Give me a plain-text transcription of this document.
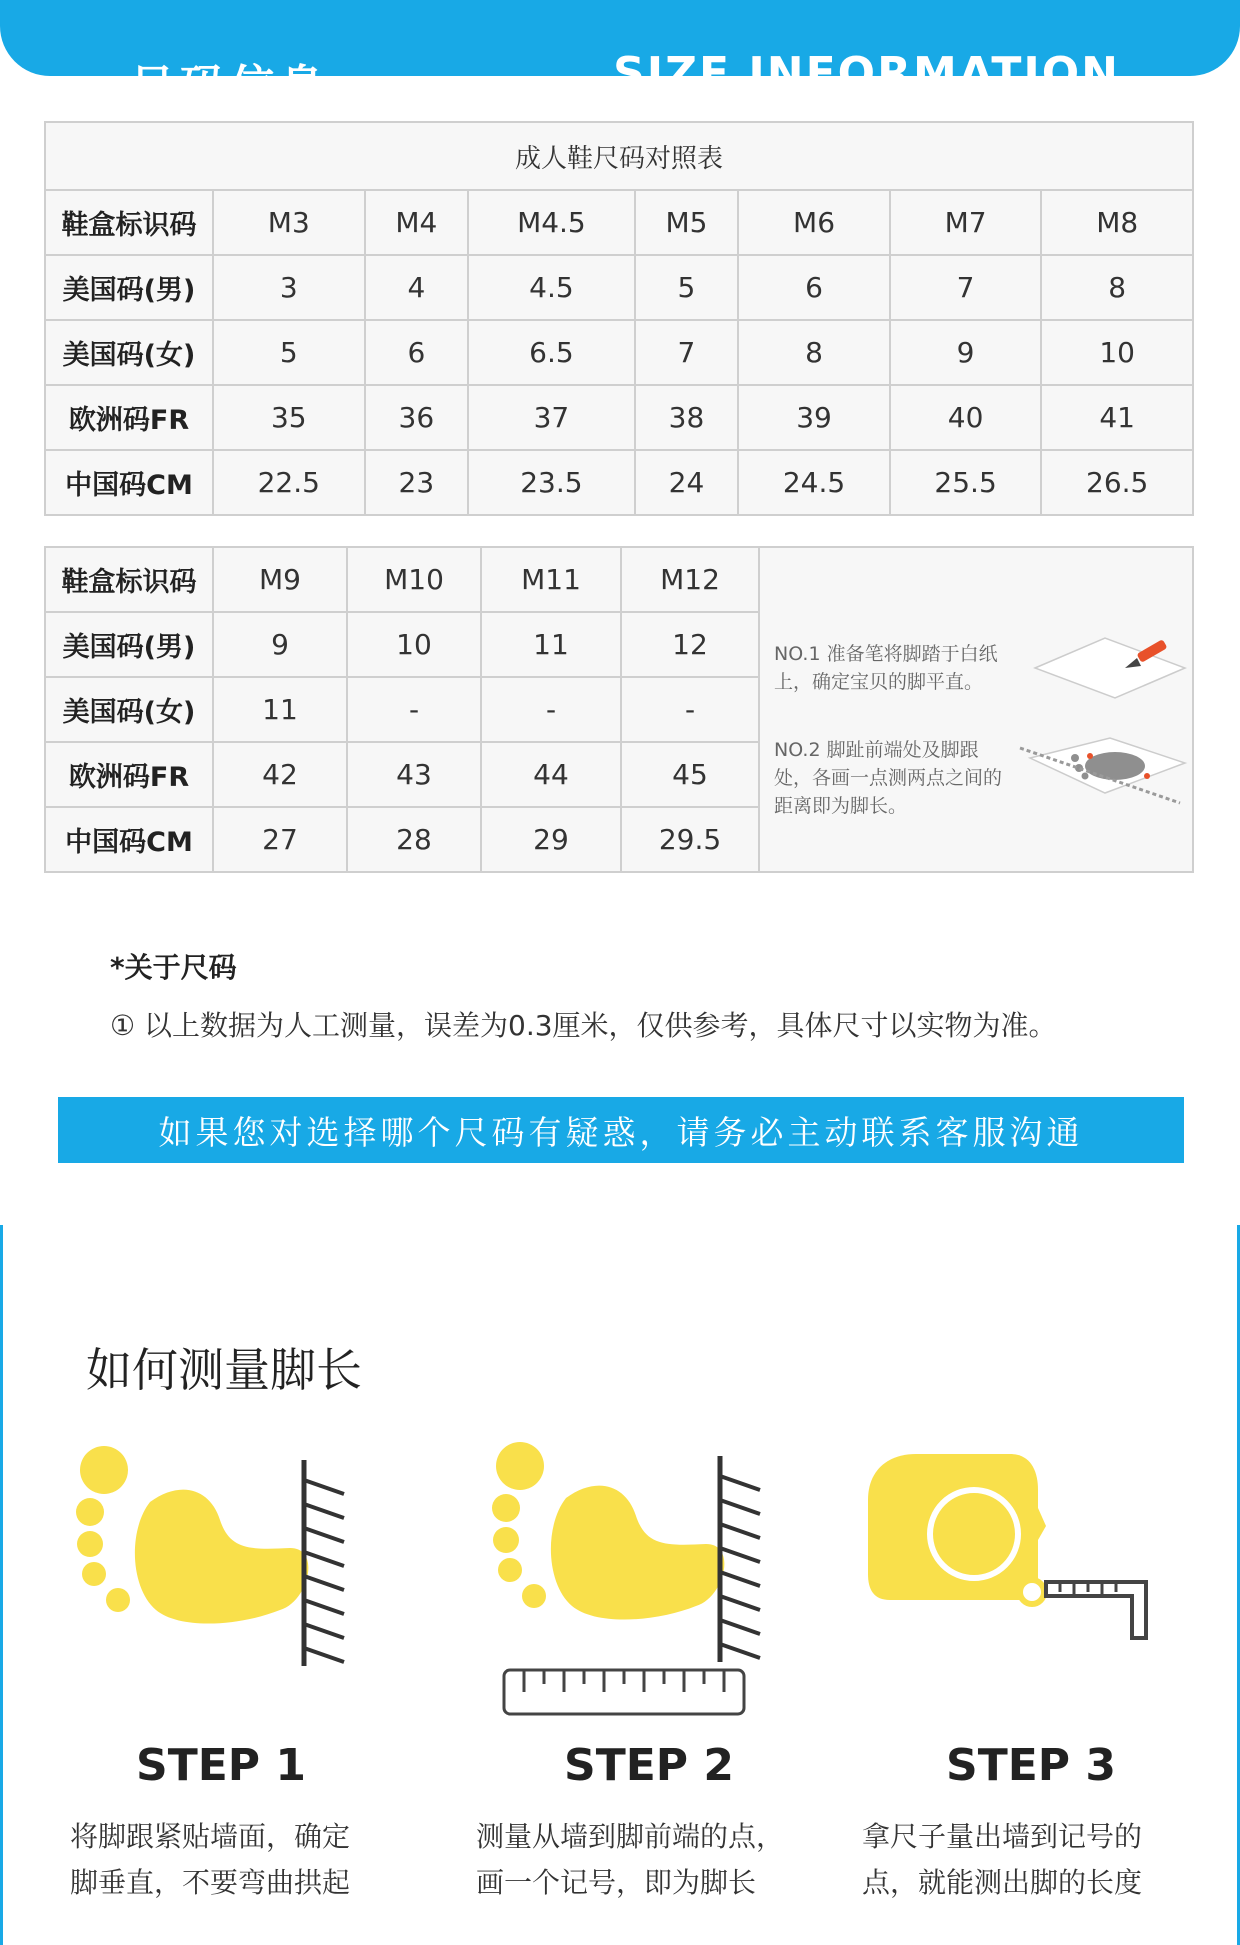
尺码信息	SIZE INFORMATION
成人鞋尺码对照表							
鞋盒标识码	M3	M4	M4.5	M5	M6	M7	M8
美国码(男)	3	4	4.5	5	6	7	8
美国码(女)	5	6	6.5	7	8	9	10
欧洲码FR	35	36	37	38	39	40	41
中国码CM	22.5	23	23.5	24	24.5	25.5	26.5
鞋盒标识码	M9	M10	M11	M12	NO.1 准备笔将脚踏于白纸上，确定宝贝的脚平直。
NO.2 脚趾前端处及脚跟处，各画一点测两点之间的距离即为脚长。

美国码(男)	9	10	11	12	
美国码(女)	11	-	-	-	
欧洲码FR	42	43	44	45	
中国码CM	27	28	29	29.5	
*关于尺码
① 以上数据为人工测量，误差为0.3厘米，仅供参考，具体尺寸以实物为准。
如果您对选择哪个尺码有疑惑，请务必主动联系客服沟通
如何测量脚长
STEP 1
将脚跟紧贴墙面，确定
脚垂直，不要弯曲拱起
STEP 2
测量从墙到脚前端的点，
画一个记号，即为脚长
STEP 3
拿尺子量出墙到记号的
点，就能测出脚的长度
